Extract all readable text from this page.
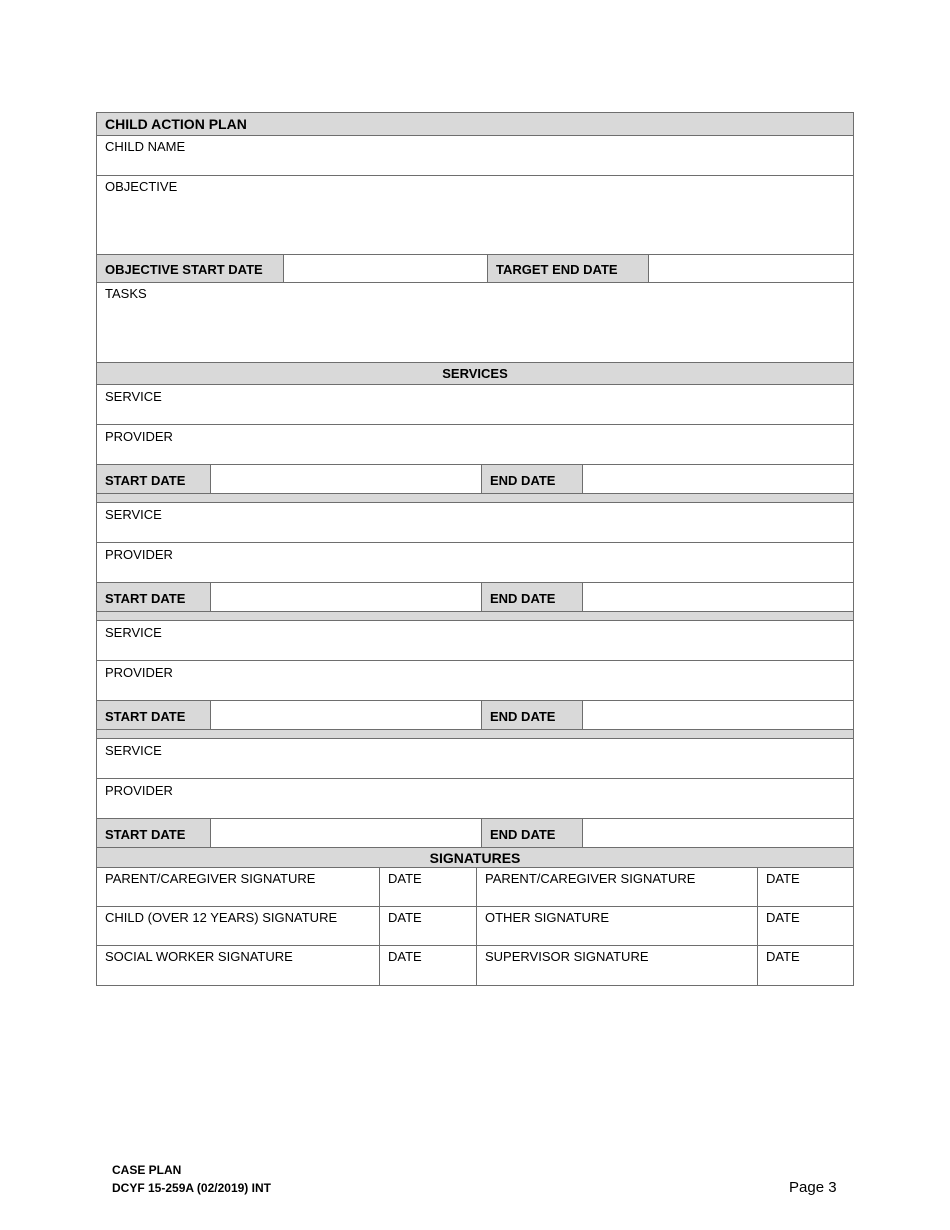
CHILD ACTION PLAN
CHILD NAME
OBJECTIVE
OBJECTIVE START DATE	TARGET END DATE
TASKS
SERVICES
SERVICE
PROVIDER
START DATE	END DATE
SERVICE
PROVIDER
START DATE	END DATE
SERVICE
PROVIDER
START DATE	END DATE
SERVICE
PROVIDER
START DATE	END DATE
SIGNATURES
PARENT/CAREGIVER SIGNATURE	DATE	PARENT/CAREGIVER SIGNATURE	DATE
CHILD (OVER 12 YEARS) SIGNATURE	DATE	OTHER SIGNATURE	DATE
SOCIAL WORKER SIGNATURE	DATE	SUPERVISOR SIGNATURE	DATE
CASE PLAN
DCYF 15-259A (02/2019) INT	Page 3
